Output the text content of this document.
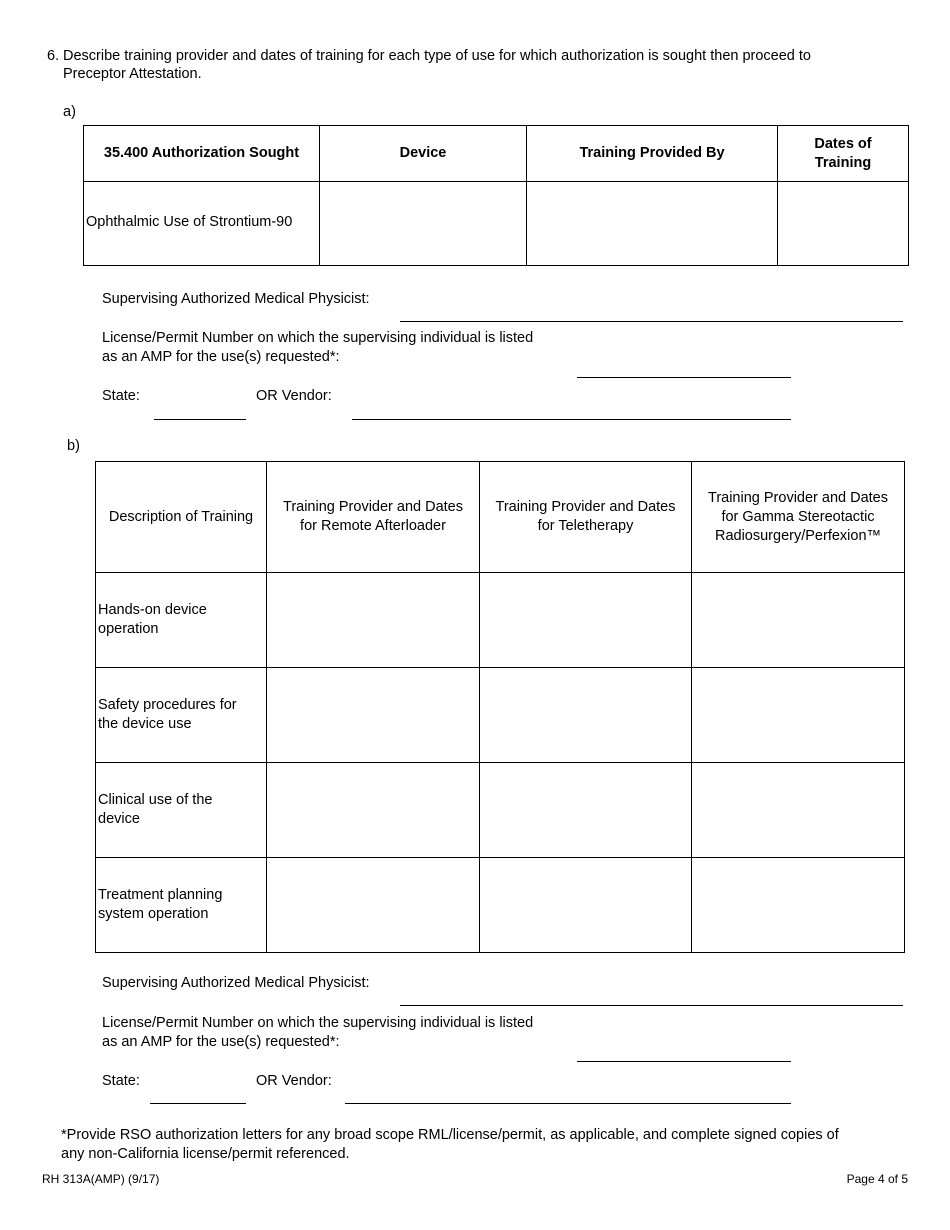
6. Describe training provider and dates of training for each type of use for which authorization is sought then proceed to
Preceptor Attestation.
a)
35.400 Authorization Sought	Device	Training Provided By	Dates of Training
Ophthalmic Use of Strontium-90			
Supervising Authorized Medical Physicist:
License/Permit Number on which the supervising individual is listed
as an AMP for the use(s) requested*:
State:	OR Vendor:
b)
Description of Training	Training Provider and Dates for Remote Afterloader	Training Provider and Dates for Teletherapy	Training Provider and Dates for Gamma Stereotactic Radiosurgery/Perfexion™
Hands-on device operation			
Safety procedures for the device use			
Clinical use of the device			
Treatment planning system operation			
Supervising Authorized Medical Physicist:
License/Permit Number on which the supervising individual is listed
as an AMP for the use(s) requested*:
State:	OR Vendor:
*Provide RSO authorization letters for any broad scope RML/license/permit, as applicable, and complete signed copies of
any non-California license/permit referenced.
RH 313A(AMP) (9/17)	Page 4 of 5
